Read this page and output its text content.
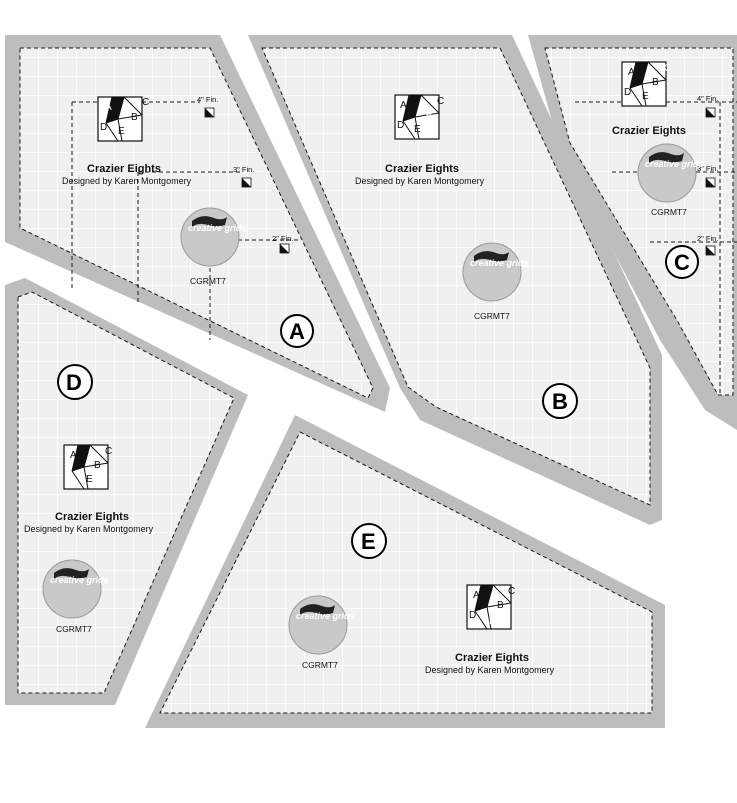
4" Fin.
3" Fin.
2" Fin.
A
B
C
D E
Crazier Eights
Designed by Karen Montgomery
creative grids
CGRMT7
A
A
B
C
D E
Crazier Eights
Designed by Karen Montgomery
creative grids
CGRMT7
B
4" Fin.
3" Fin.
2" Fin.
A
B
C
D E
Crazier Eights
creative grids
CGRMT7
C
D
A
B
C
D E
Crazier Eights
Designed by Karen Montgomery
creative grids
CGRMT7
E
A
B
C
D
E
Crazier Eights
Designed by Karen Montgomery
creative grids
CGRMT7
